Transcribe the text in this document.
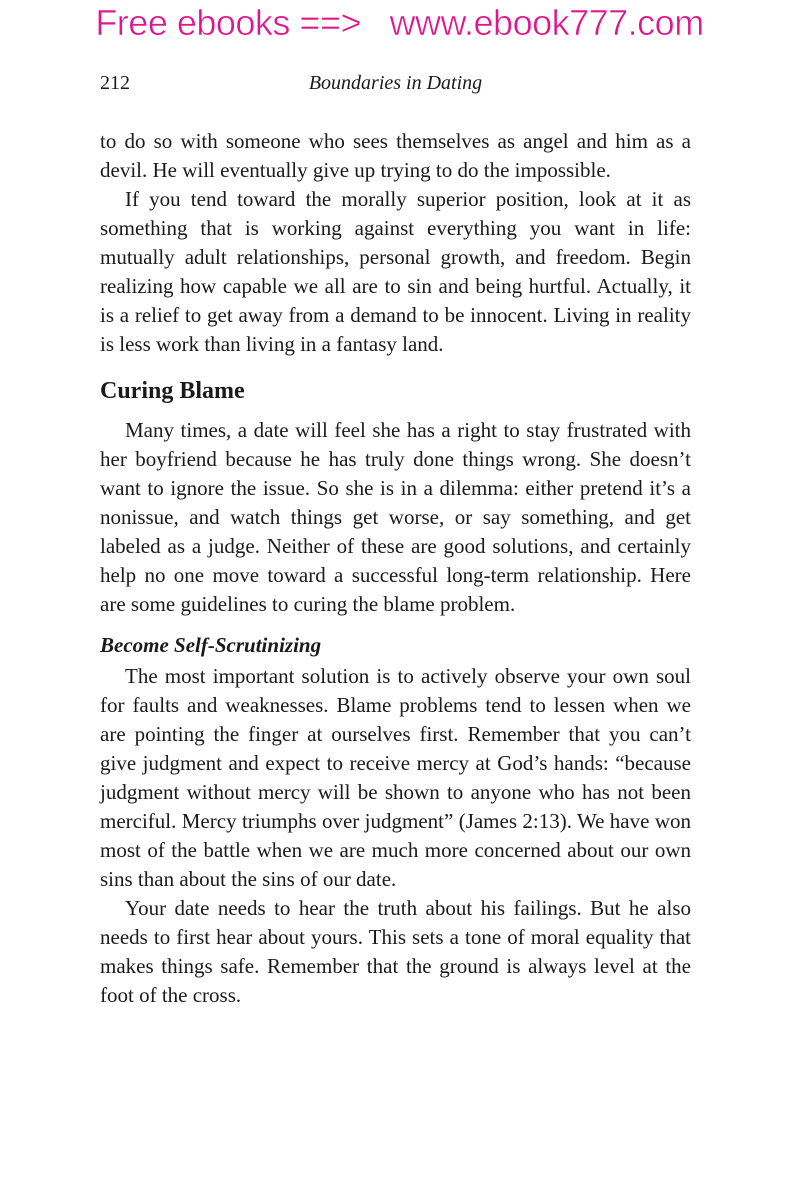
Free ebooks ==> www.ebook777.com
212	Boundaries in Dating

to do so with someone who sees themselves as angel and him as a devil. He will eventually give up trying to do the impossible.

If you tend toward the morally superior position, look at it as something that is working against everything you want in life: mutually adult relationships, personal growth, and freedom. Begin realizing how capable we all are to sin and being hurtful. Actually, it is a relief to get away from a demand to be innocent. Living in reality is less work than living in a fantasy land.

Curing Blame

Many times, a date will feel she has a right to stay frustrated with her boyfriend because he has truly done things wrong. She doesn’t want to ignore the issue. So she is in a dilemma: either pretend it’s a nonissue, and watch things get worse, or say something, and get labeled as a judge. Neither of these are good solutions, and certainly help no one move toward a successful long-term relationship. Here are some guidelines to curing the blame problem.

Become Self-Scrutinizing

The most important solution is to actively observe your own soul for faults and weaknesses. Blame problems tend to lessen when we are pointing the finger at ourselves first. Remember that you can’t give judgment and expect to receive mercy at God’s hands: “because judgment without mercy will be shown to anyone who has not been merciful. Mercy triumphs over judgment” (James 2:13). We have won most of the battle when we are much more concerned about our own sins than about the sins of our date.

Your date needs to hear the truth about his failings. But he also needs to first hear about yours. This sets a tone of moral equality that makes things safe. Remember that the ground is always level at the foot of the cross.
